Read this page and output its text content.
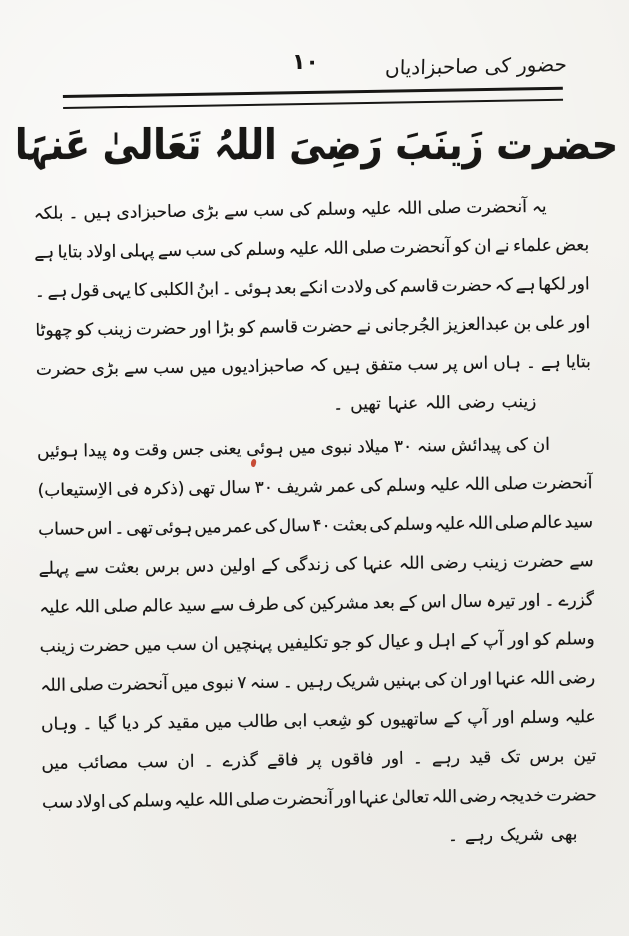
۱۰	حضور کی صاحبزادیاں
حضرت زَینَبَ رَضِیَ اللہُ تَعَالیٰ عَنہَا
یہ
آنحضرت
صلی
اللہ
علیہ
وسلم
کی
سب
سے
بڑی
صاحبزادی
ہیں
۔
بلکہ
بعض
علماء
نے
ان
کو
آنحضرت
صلی
اللہ
علیہ
وسلم
کی
سب
سے
پہلی
اولاد
بتایا
ہے
اور
لکھا
ہے
کہ
حضرت
قاسم
کی
ولادت
انکے
بعد
ہوئی
۔
ابنُ
الکلبی
کا
یہی
قول
ہے
۔
اور
علی
بن
عبدالعزیز
الجُرجانی
نے
حضرت
قاسم
کو
بڑا
اور
حضرت
زینب
کو
چھوٹا
بتایا
ہے
۔
ہاں
اس
پر
سب
متفق
ہیں
کہ
صاحبزادیوں
میں
سب
سے
بڑی
حضرت
زینب
رضی
اللہ
عنہا
تھیں
۔
ان
کی
پیدائش
سنہ
۳۰
میلاد
نبوی
میں
ہوئی
یعنی
جس
وقت
وہ
پیدا
ہوئیں
آنحضرت
صلی
اللہ
علیہ
وسلم
کی
عمر
شریف
۳۰
سال
تھی
(ذکرہ
فی
الاِستیعاب)
سید
عالم
صلی
اللہ
علیہ
وسلم
کی
بعثت
۴۰
سال
کی
عمر
میں
ہوئی
تھی
۔
اس
حساب
سے
حضرت
زینب
رضی
اللہ
عنہا
کی
زندگی
کے
اولین
دس
برس
بعثت
سے
پہلے
گزرے
۔
اور
تیرہ
سال
اس
کے
بعد
مشرکین
کی
طرف
سے
سید
عالم
صلی
اللہ
علیہ
وسلم
کو
اور
آپ
کے
اہل
و
عیال
کو
جو
تکلیفیں
پہنچیں
ان
سب
میں
حضرت
زینب
رضی
اللہ
عنہا
اور
ان
کی
بہنیں
شریک
رہیں
۔
سنہ
۷
نبوی
میں
آنحضرت
صلی
اللہ
علیہ
وسلم
اور
آپ
کے
ساتھیوں
کو
شِعب
ابی
طالب
میں
مقید
کر
دیا
گیا
۔
وہاں
تین
برس
تک
قید
رہے
۔
اور
فاقوں
پر
فاقے
گذرے
۔
ان
سب
مصائب
میں
حضرت
خدیجہ
رضی
اللہ
تعالیٰ
عنہا
اور
آنحضرت
صلی
اللہ
علیہ
وسلم
کی
اولاد
سب
بھی
شریک
رہے
۔
